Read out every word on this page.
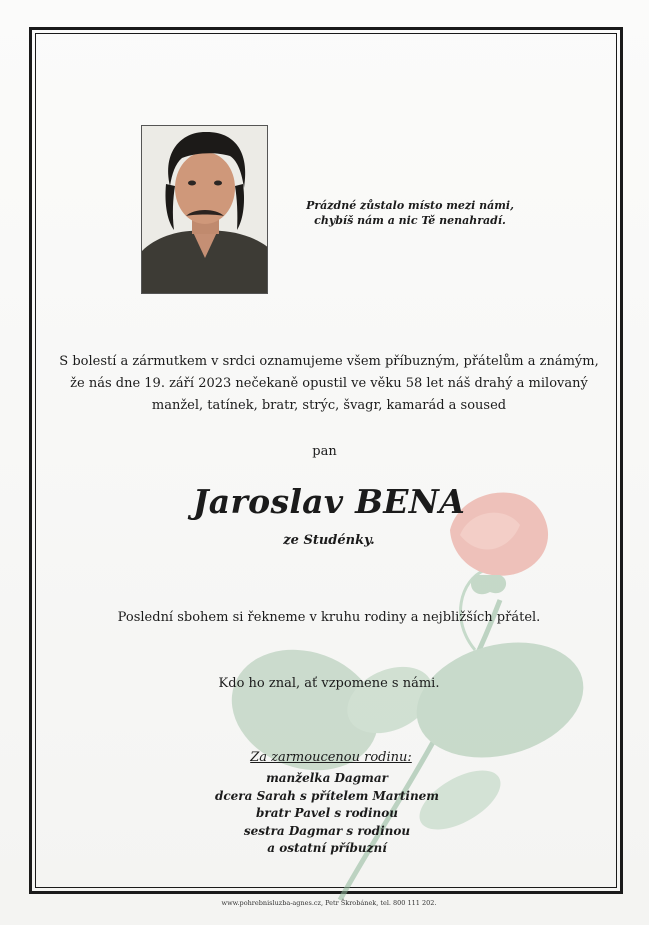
Prázdné zůstalo místo mezi námi,
chybíš nám a nic Tě nenahradí.
S bolestí a zármutkem v srdci oznamujeme všem příbuzným, přátelům a známým,
že nás dne 19. září 2023 nečekaně opustil ve věku 58 let náš drahý a milovaný
manžel, tatínek, bratr, strýc, švagr, kamarád a soused
pan
Jaroslav BENA
ze Studénky.
Poslední sbohem si řekneme v kruhu rodiny a nejbližších přátel.
Kdo ho znal, ať vzpomene s námi.
Za zarmoucenou rodinu:
manželka Dagmar
dcera Sarah s přítelem Martinem
bratr Pavel s rodinou
sestra Dagmar s rodinou
a ostatní příbuzní
www.pohrebnisluzba-agnes.cz, Petr Škrobánek, tel. 800 111 202.
